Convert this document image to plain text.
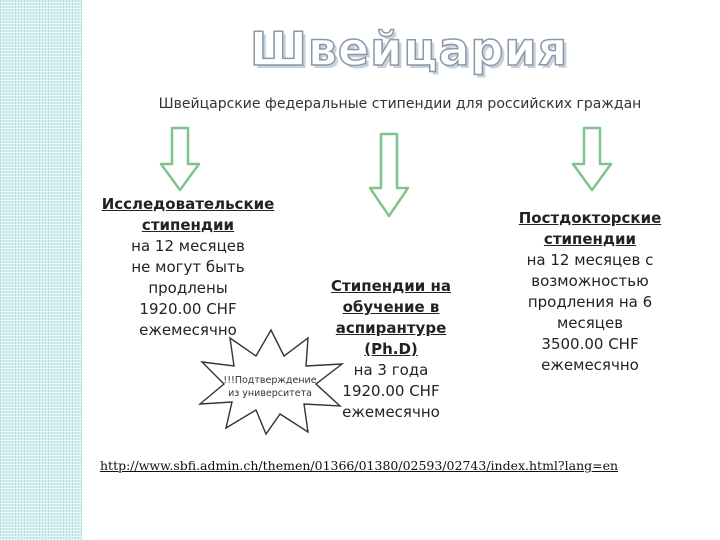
Швейцария
Швейцарские федеральные стипендии для российских граждан
Исследовательские
стипендии
на 12 месяцев
не могут быть
продлены
1920.00 CHF
ежемесячно
!!!Подтверждение
из университета
Стипендии на
обучение в
аспирантуре
(Ph.D)
на 3 года
1920.00 CHF
ежемесячно
Постдокторские
стипендии
на 12 месяцев с
возможностью
продления на 6
месяцев
3500.00 CHF
ежемесячно
http://www.sbfi.admin.ch/themen/01366/01380/02593/02743/index.html?lang=en
